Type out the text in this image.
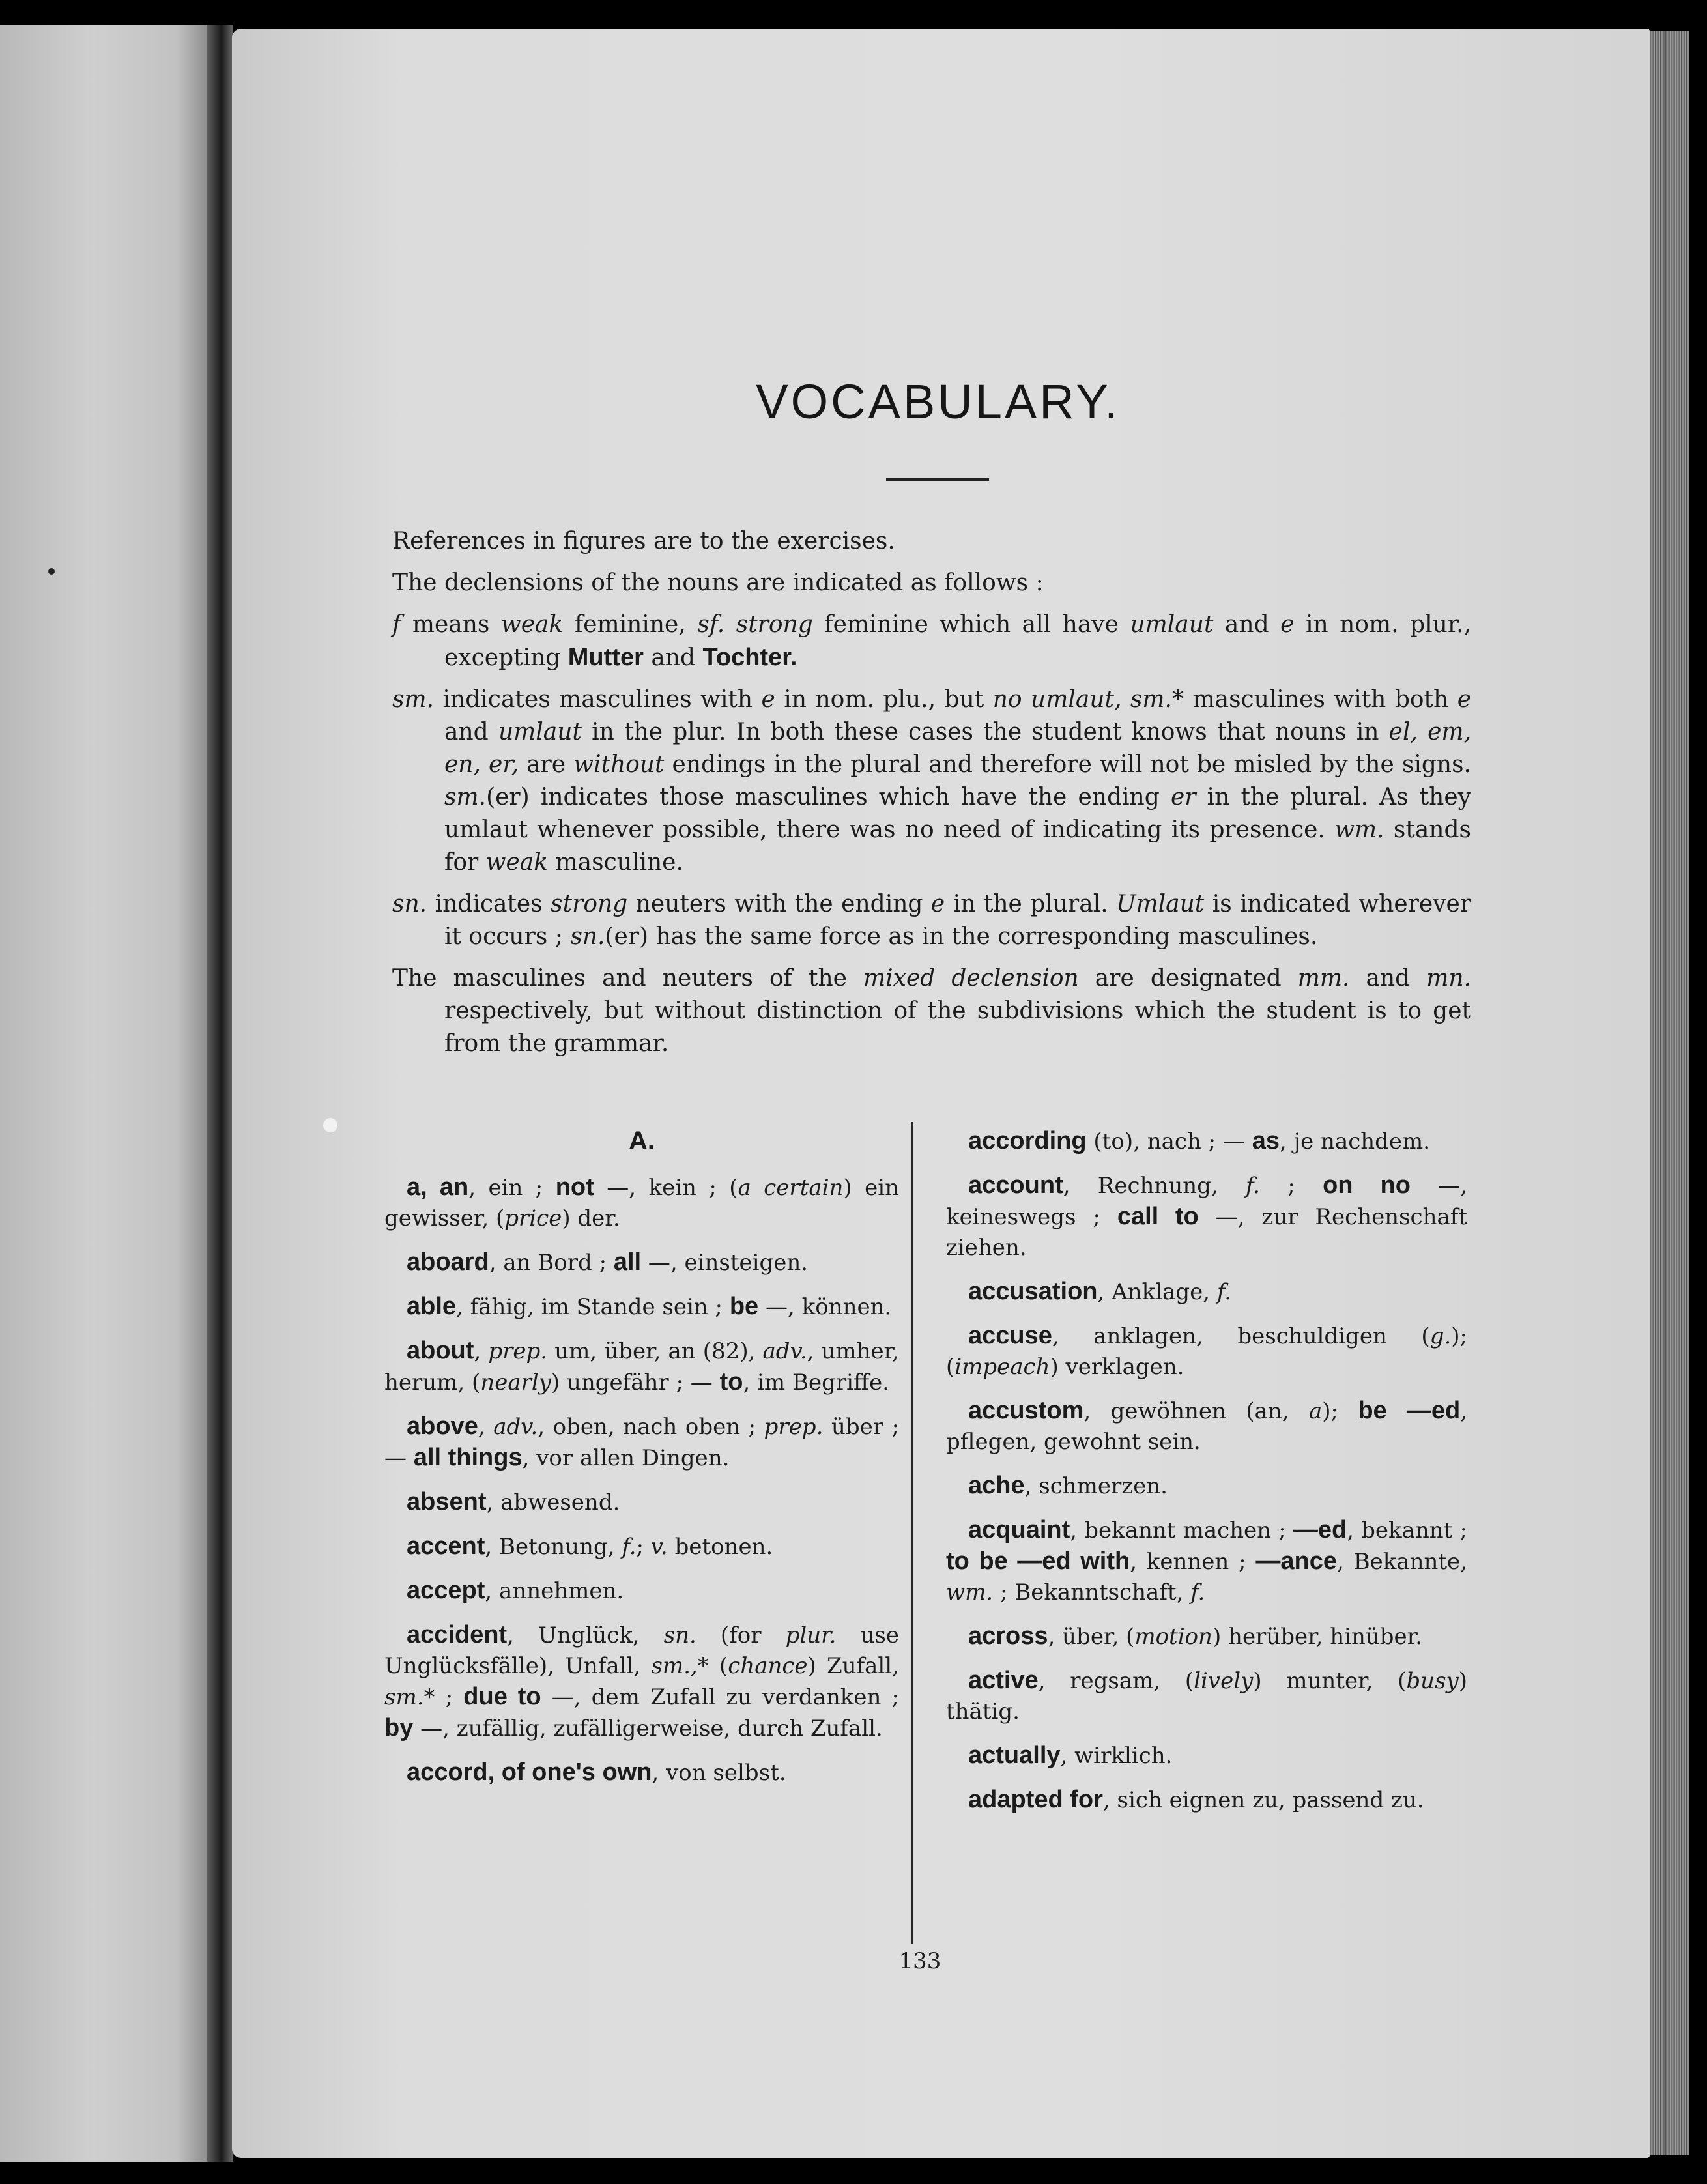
VOCABULARY.

References in figures are to the exercises.

The declensions of the nouns are indicated as follows :

f means weak feminine, sf. strong feminine which all have umlaut and e in nom. plur., excepting Mutter and Tochter.

sm. indicates masculines with e in nom. plu., but no umlaut, sm.* masculines with both e and umlaut in the plur. In both these cases the student knows that nouns in el, em, en, er, are without endings in the plural and therefore will not be misled by the signs. sm.(er) indicates those masculines which have the ending er in the plural. As they umlaut whenever possible, there was no need of indicating its presence. wm. stands for weak masculine.

sn. indicates strong neuters with the ending e in the plural. Umlaut is indicated wherever it occurs ; sn.(er) has the same force as in the corresponding masculines.

The masculines and neuters of the mixed declension are designated mm. and mn. respectively, but without distinction of the subdivisions which the student is to get from the grammar.

A.

a, an, ein ; not —, kein ; (a certain) ein gewisser, (price) der.

aboard, an Bord ; all —, einsteigen.

able, fähig, im Stande sein ; be —, können.

about, prep. um, über, an (82), adv., umher, herum, (nearly) ungefähr ; — to, im Begriffe.

above, adv., oben, nach oben ; prep. über ; — all things, vor allen Dingen.

absent, abwesend.

accent, Betonung, f.; v. betonen.

accept, annehmen.

accident, Unglück, sn. (for plur. use Unglücksfälle), Unfall, sm.,* (chance) Zufall, sm.* ; due to —, dem Zufall zu verdanken ; by —, zufällig, zufälligerweise, durch Zufall.

accord, of one's own, von selbst.

according (to), nach ; — as, je nachdem.

account, Rechnung, f. ; on no —, keineswegs ; call to —, zur Rechenschaft ziehen.

accusation, Anklage, f.

accuse, anklagen, beschuldigen (g.); (impeach) verklagen.

accustom, gewöhnen (an, a); be —ed, pflegen, gewohnt sein.

ache, schmerzen.

acquaint, bekannt machen ; —ed, bekannt ; to be —ed with, kennen ; —ance, Bekannte, wm. ; Bekanntschaft, f.

across, über, (motion) herüber, hinüber.

active, regsam, (lively) munter, (busy) thätig.

actually, wirklich.

adapted for, sich eignen zu, passend zu.

133
